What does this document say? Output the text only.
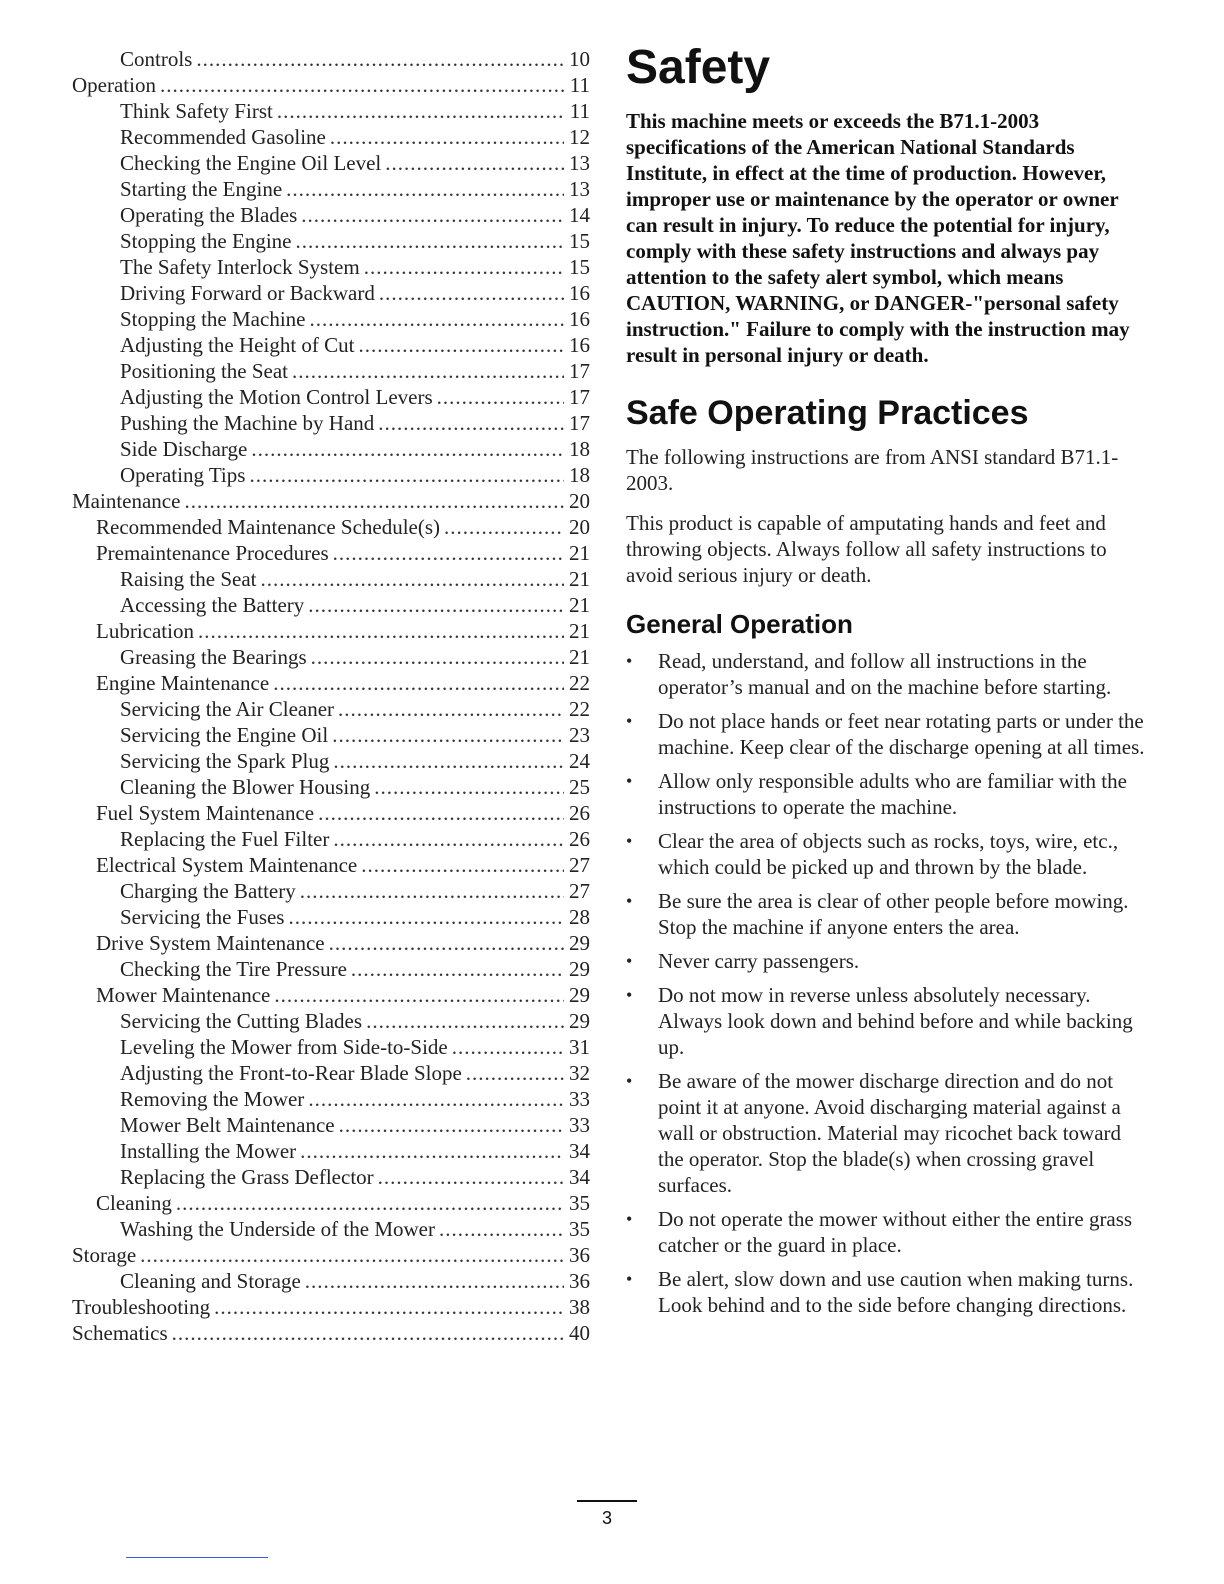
Controls .....	10
Operation .....	11
Think Safety First .....	11
Recommended Gasoline .....	12
Checking the Engine Oil Level .....	13
Starting the Engine .....	13
Operating the Blades .....	14
Stopping the Engine .....	15
The Safety Interlock System .....	15
Driving Forward or Backward .....	16
Stopping the Machine .....	16
Adjusting the Height of Cut .....	16
Positioning the Seat .....	17
Adjusting the Motion Control Levers .....	17
Pushing the Machine by Hand .....	17
Side Discharge .....	18
Operating Tips .....	18
Maintenance .....	20
Recommended Maintenance Schedule(s) .....	20
Premaintenance Procedures .....	21
Raising the Seat .....	21
Accessing the Battery .....	21
Lubrication .....	21
Greasing the Bearings .....	21
Engine Maintenance .....	22
Servicing the Air Cleaner .....	22
Servicing the Engine Oil .....	23
Servicing the Spark Plug .....	24
Cleaning the Blower Housing .....	25
Fuel System Maintenance .....	26
Replacing the Fuel Filter .....	26
Electrical System Maintenance .....	27
Charging the Battery .....	27
Servicing the Fuses .....	28
Drive System Maintenance .....	29
Checking the Tire Pressure .....	29
Mower Maintenance .....	29
Servicing the Cutting Blades .....	29
Leveling the Mower from Side-to-Side .....	31
Adjusting the Front-to-Rear Blade Slope .....	32
Removing the Mower .....	33
Mower Belt Maintenance .....	33
Installing the Mower .....	34
Replacing the Grass Deflector .....	34
Cleaning .....	35
Washing the Underside of the Mower .....	35
Storage .....	36
Cleaning and Storage .....	36
Troubleshooting .....	38
Schematics .....	40
Safety

This machine meets or exceeds the B71.1-2003 specifications of the American National Standards Institute, in effect at the time of production. However, improper use or maintenance by the operator or owner can result in injury. To reduce the potential for injury, comply with these safety instructions and always pay attention to the safety alert symbol, which means CAUTION, WARNING, or DANGER-"personal safety instruction." Failure to comply with the instruction may result in personal injury or death.

Safe Operating Practices

The following instructions are from ANSI standard B71.1-2003.

This product is capable of amputating hands and feet and throwing objects. Always follow all safety instructions to avoid serious injury or death.

General Operation
• Read, understand, and follow all instructions in the operator’s manual and on the machine before starting.
• Do not place hands or feet near rotating parts or under the machine. Keep clear of the discharge opening at all times.
• Allow only responsible adults who are familiar with the instructions to operate the machine.
• Clear the area of objects such as rocks, toys, wire, etc., which could be picked up and thrown by the blade.
• Be sure the area is clear of other people before mowing. Stop the machine if anyone enters the area.
• Never carry passengers.
• Do not mow in reverse unless absolutely necessary. Always look down and behind before and while backing up.
• Be aware of the mower discharge direction and do not point it at anyone. Avoid discharging material against a wall or obstruction. Material may ricochet back toward the operator. Stop the blade(s) when crossing gravel surfaces.
• Do not operate the mower without either the entire grass catcher or the guard in place.
• Be alert, slow down and use caution when making turns. Look behind and to the side before changing directions.
3
